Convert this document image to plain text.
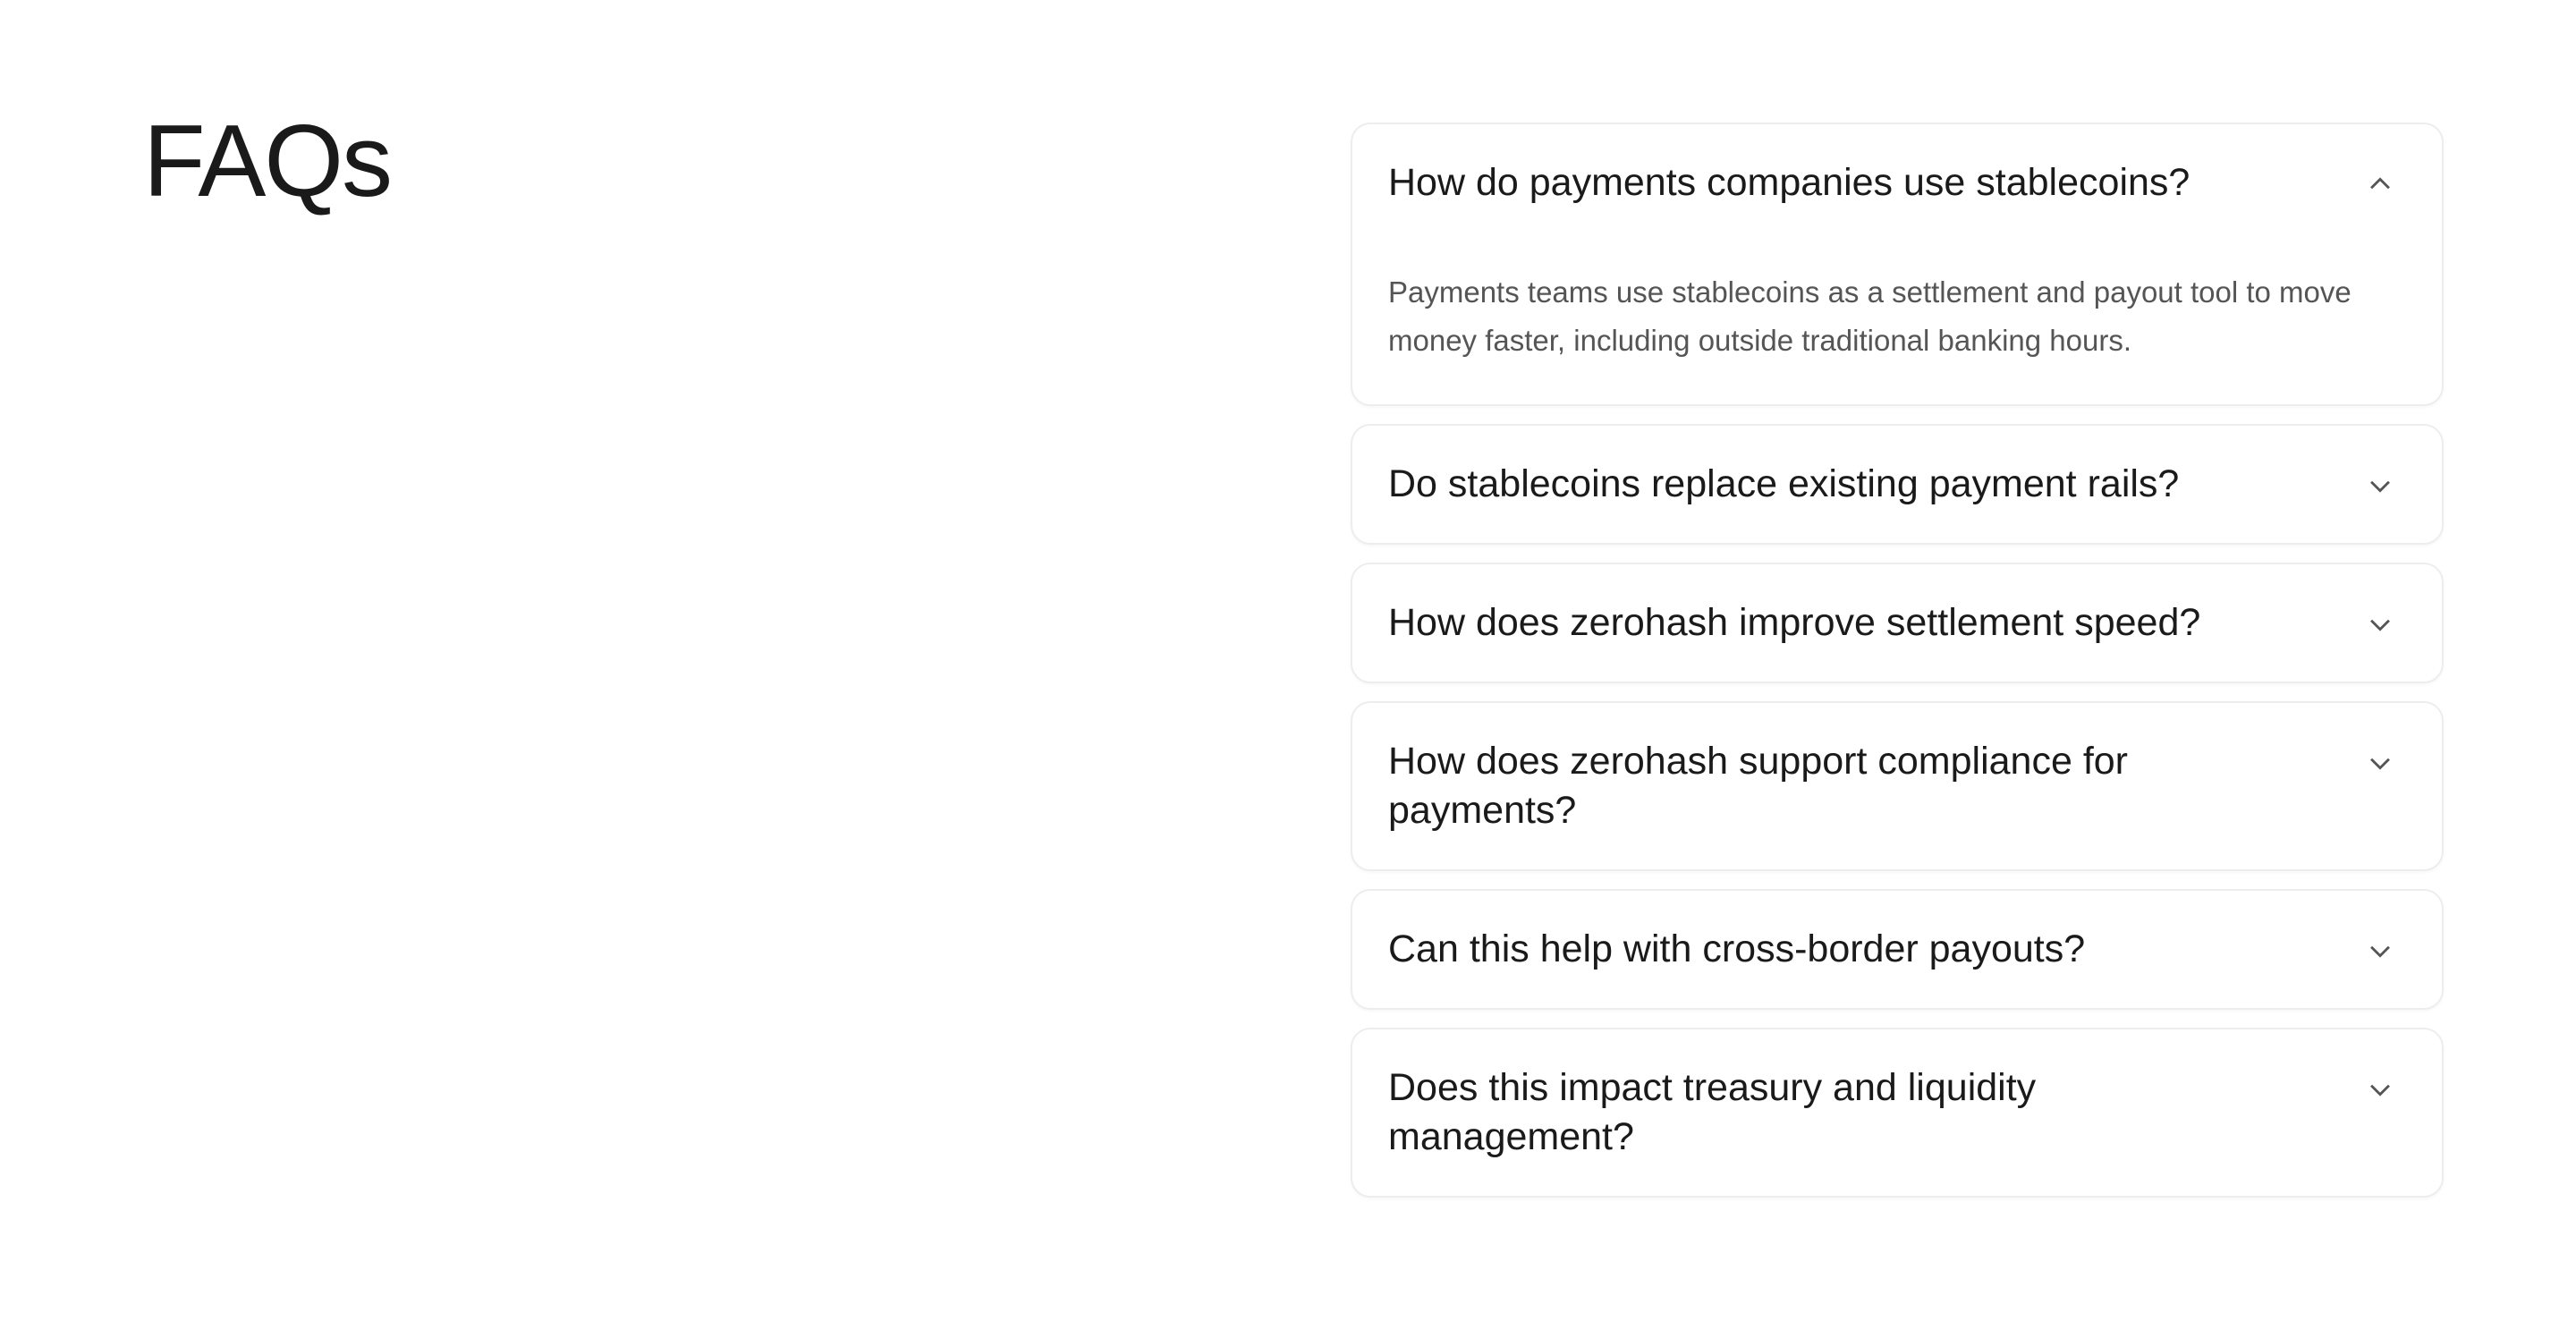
FAQs	How do payments companies use stablecoins?
Payments teams use stablecoins as a settlement and payout tool to move money faster, including outside traditional banking hours.
Do stablecoins replace existing payment rails?
How does zerohash improve settlement speed?
How does zerohash support compliance for payments?
Can this help with cross-border payouts?
Does this impact treasury and liquidity management?
